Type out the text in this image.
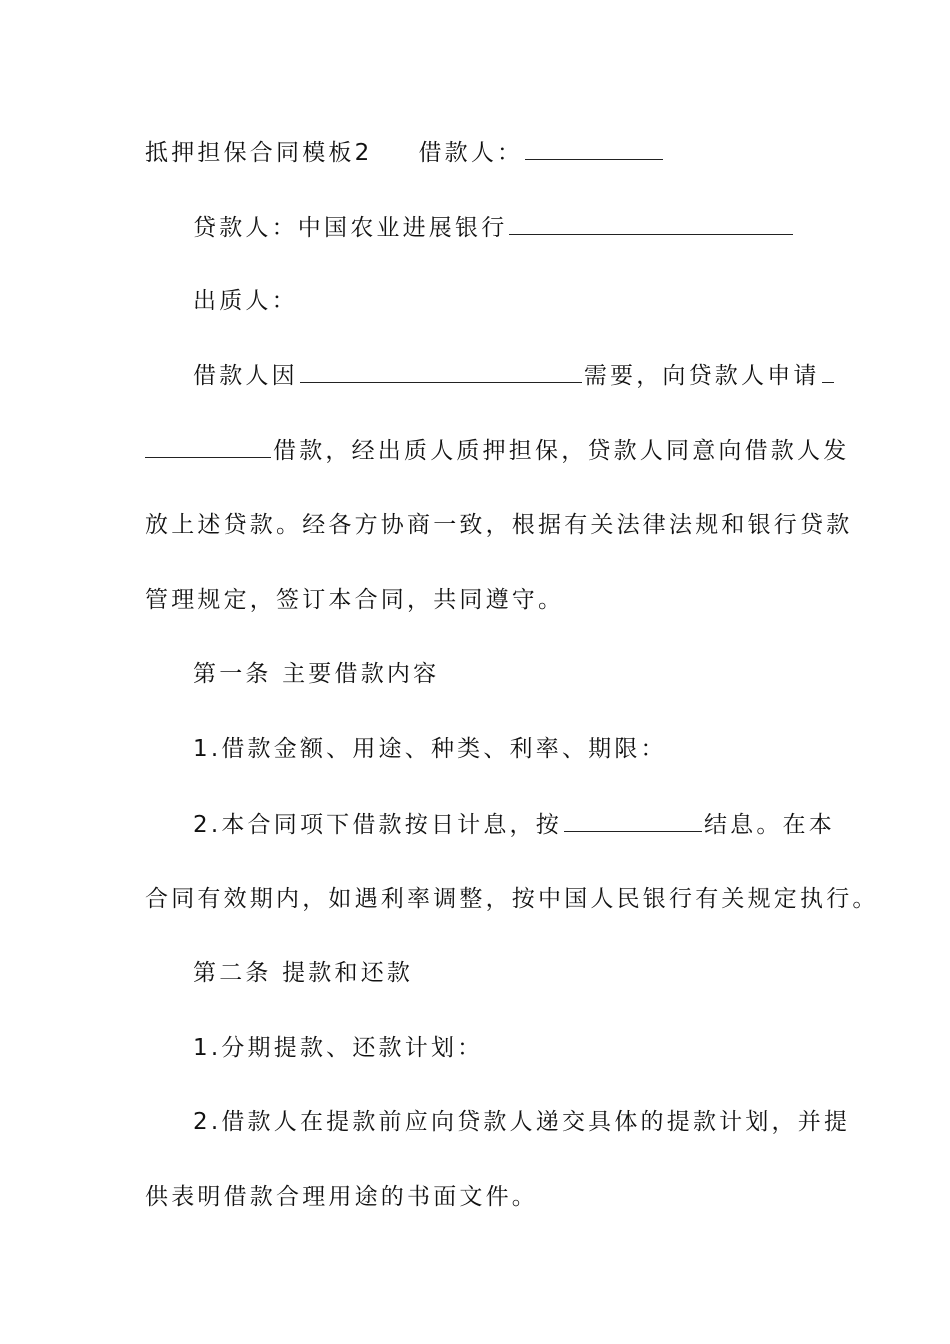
抵押担保合同模板2 借款人：
贷款人：中国农业进展银行
出质人：
借款人因	需要，向贷款人申请
借款，经出质人质押担保，贷款人同意向借款人发
放上述贷款。经各方协商一致，根据有关法律法规和银行贷款
管理规定，签订本合同，共同遵守。
第一条 主要借款内容
1.借款金额、用途、种类、利率、期限：
2.本合同项下借款按日计息，按	结息。在本
合同有效期内，如遇利率调整，按中国人民银行有关规定执行。
第二条 提款和还款
1.分期提款、还款计划：
2.借款人在提款前应向贷款人递交具体的提款计划，并提
供表明借款合理用途的书面文件。
